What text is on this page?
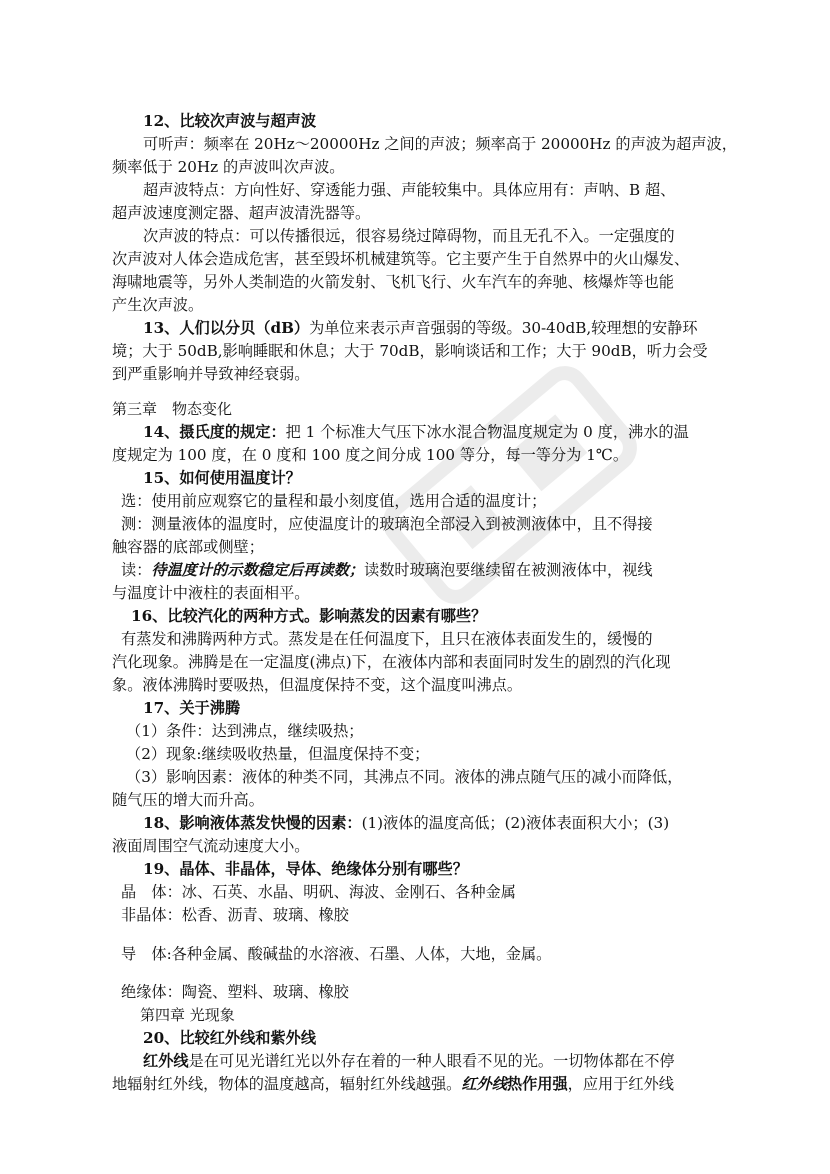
12、比较次声波与超声波
可听声：频率在 20Hz～20000Hz 之间的声波；频率高于 20000Hz 的声波为超声波，
频率低于 20Hz 的声波叫次声波。
超声波特点：方向性好、穿透能力强、声能较集中。具体应用有：声呐、B 超、
超声波速度测定器、超声波清洗器等。
次声波的特点：可以传播很远，很容易绕过障碍物，而且无孔不入。一定强度的
次声波对人体会造成危害，甚至毁坏机械建筑等。它主要产生于自然界中的火山爆发、
海啸地震等，另外人类制造的火箭发射、飞机飞行、火车汽车的奔驰、核爆炸等也能
产生次声波。
13、人们以分贝（dB）为单位来表示声音强弱的等级。30-40dB,较理想的安静环
境；大于 50dB,影响睡眠和休息；大于 70dB，影响谈话和工作；大于 90dB，听力会受
到严重影响并导致神经衰弱。
第三章　物态变化
14、摄氏度的规定：把 1 个标准大气压下冰水混合物温度规定为 0 度，沸水的温
度规定为 100 度，在 0 度和 100 度之间分成 100 等分，每一等分为 1℃。
15、如何使用温度计？
选：使用前应观察它的量程和最小刻度值，选用合适的温度计；
测：测量液体的温度时，应使温度计的玻璃泡全部浸入到被测液体中，且不得接
触容器的底部或侧壁；
读：待温度计的示数稳定后再读数；读数时玻璃泡要继续留在被测液体中，视线
与温度计中液柱的表面相平。
16、比较汽化的两种方式。影响蒸发的因素有哪些？
有蒸发和沸腾两种方式。蒸发是在任何温度下，且只在液体表面发生的，缓慢的
汽化现象。沸腾是在一定温度(沸点)下，在液体内部和表面同时发生的剧烈的汽化现
象。液体沸腾时要吸热，但温度保持不变，这个温度叫沸点。
17、关于沸腾
（1）条件：达到沸点，继续吸热；
（2）现象:继续吸收热量，但温度保持不变；
（3）影响因素：液体的种类不同，其沸点不同。液体的沸点随气压的减小而降低，
随气压的增大而升高。
18、影响液体蒸发快慢的因素：(1)液体的温度高低；(2)液体表面积大小；(3)
液面周围空气流动速度大小。
19、晶体、非晶体，导体、绝缘体分别有哪些？
晶　体：冰、石英、水晶、明矾、海波、金刚石、各种金属
非晶体：松香、沥青、玻璃、橡胶
导　体:各种金属、酸碱盐的水溶液、石墨、人体，大地，金属。
绝缘体：陶瓷、塑料、玻璃、橡胶
第四章 光现象
20、比较红外线和紫外线
红外线是在可见光谱红光以外存在着的一种人眼看不见的光。一切物体都在不停
地辐射红外线，物体的温度越高，辐射红外线越强。红外线热作用强，应用于红外线
